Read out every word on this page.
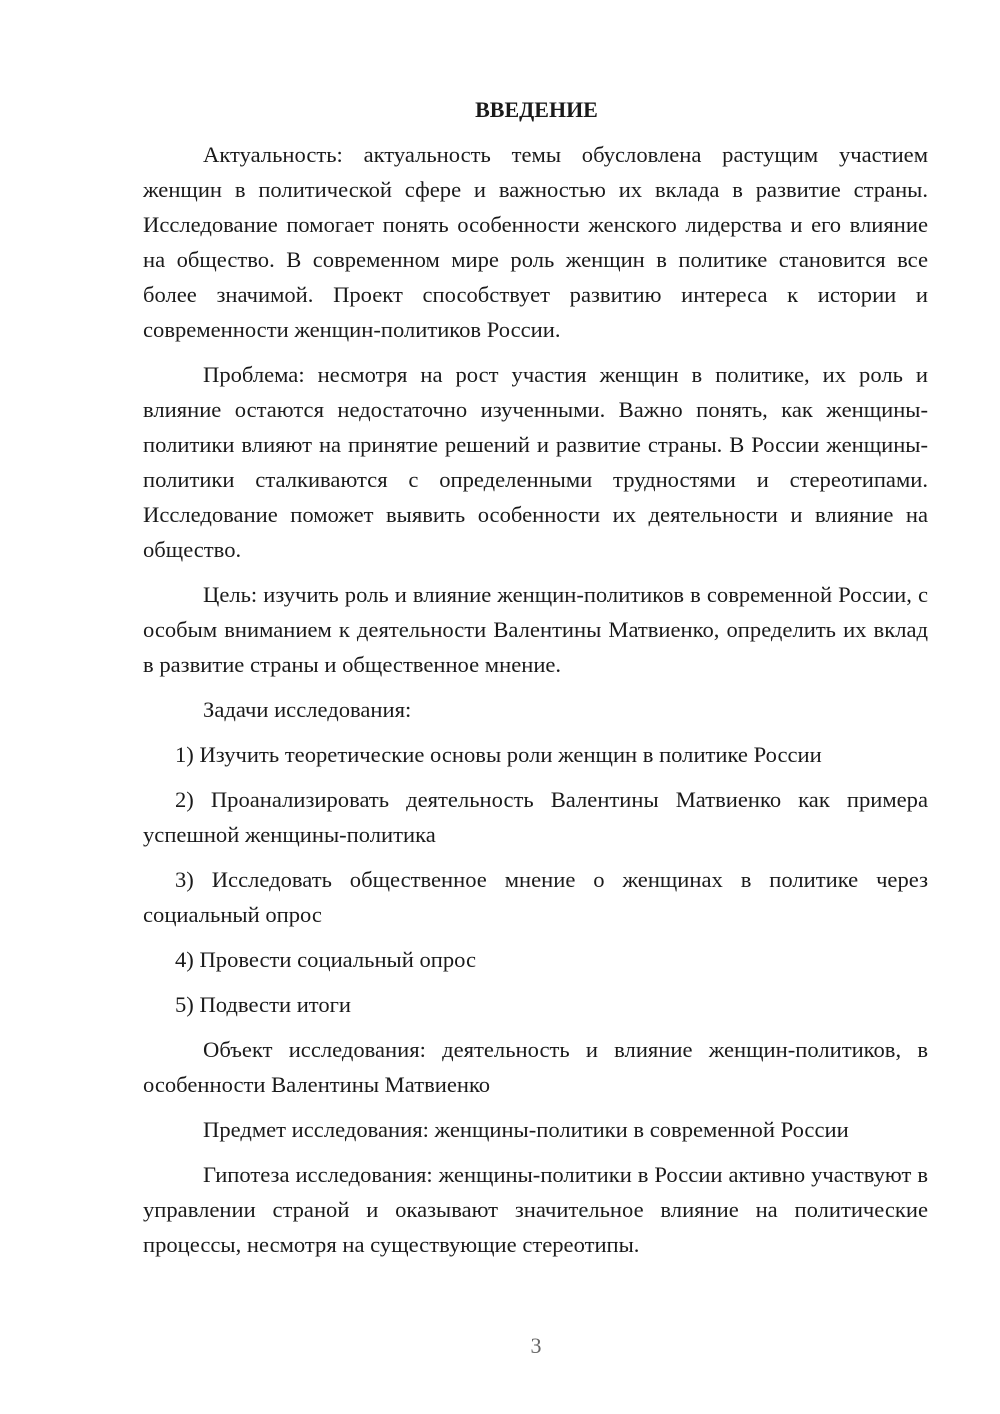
ВВЕДЕНИЕ

Актуальность: актуальность темы обусловлена растущим участием женщин в политической сфере и важностью их вклада в развитие страны. Исследование помогает понять особенности женского лидерства и его влияние на общество. В современном мире роль женщин в политике становится все более значимой. Проект способствует развитию интереса к истории и современности женщин-политиков России.

Проблема: несмотря на рост участия женщин в политике, их роль и влияние остаются недостаточно изученными. Важно понять, как женщины-политики влияют на принятие решений и развитие страны. В России женщины-политики сталкиваются с определенными трудностями и стереотипами. Исследование поможет выявить особенности их деятельности и влияние на общество.

Цель: изучить роль и влияние женщин-политиков в современной России, с особым вниманием к деятельности Валентины Матвиенко, определить их вклад в развитие страны и общественное мнение.

Задачи исследования:

1) Изучить теоретические основы роли женщин в политике России

2) Проанализировать деятельность Валентины Матвиенко как примера успешной женщины-политика

3) Исследовать общественное мнение о женщинах в политике через социальный опрос

4) Провести социальный опрос

5) Подвести итоги

Объект исследования: деятельность и влияние женщин-политиков, в особенности Валентины Матвиенко

Предмет исследования: женщины-политики в современной России

Гипотеза исследования: женщины-политики в России активно участвуют в управлении страной и оказывают значительное влияние на политические процессы, несмотря на существующие стереотипы.

3
